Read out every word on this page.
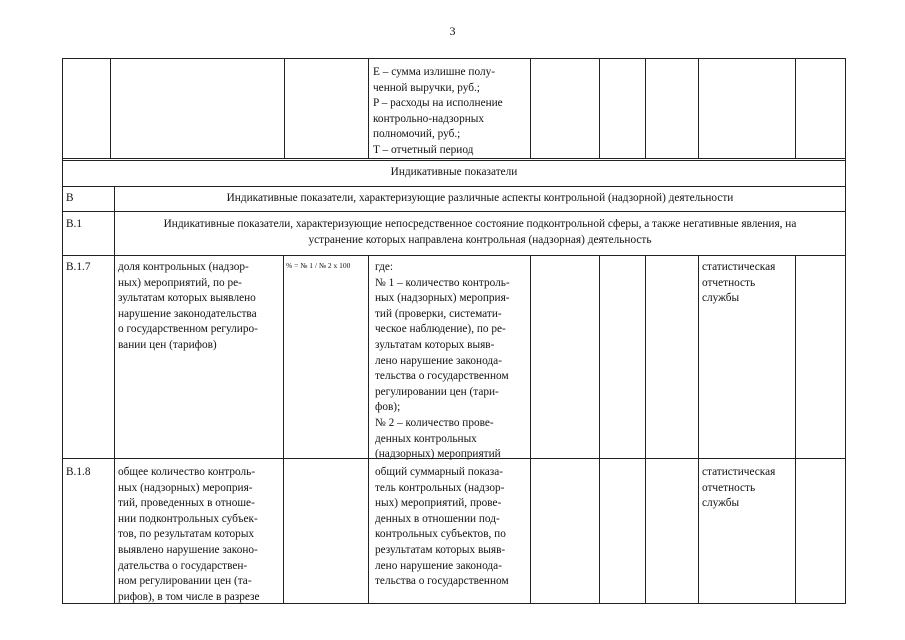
3
E – сумма излишне полу-
ченной выручки, руб.;
P – расходы на исполнение
контрольно-надзорных
полномочий, руб.;
T – отчетный период
Индикативные показатели
В	Индикативные показатели, характеризующие различные аспекты контрольной (надзорной) деятельности
В.1	Индикативные показатели, характеризующие непосредственное состояние подконтрольной сферы, а также негативные явления, на
устранение которых направлена контрольная (надзорная) деятельность
В.1.7 доля контрольных (надзор-
ных) мероприятий, по ре-
зультатам которых выявлено
нарушение законодательства
о государственном регулиро-
вании цен (тарифов)
% = № 1 / № 2 х 100 где:
№ 1 – количество контроль-
ных (надзорных) мероприя-
тий (проверки, системати-
ческое наблюдение), по ре-
зультатам которых выяв-
лено нарушение законода-
тельства о государственном
регулировании цен (тари-
фов);
№ 2 – количество прове-
денных контрольных
(надзорных) мероприятий
статистическая
отчетность
службы
В.1.8 общее количество контроль-
ных (надзорных) мероприя-
тий, проведенных в отноше-
нии подконтрольных субъек-
тов, по результатам которых
выявлено нарушение законо-
дательства о государствен-
ном регулировании цен (та-
рифов), в том числе в разрезе
общий суммарный показа-
тель контрольных (надзор-
ных) мероприятий, прове-
денных в отношении под-
контрольных субъектов, по
результатам которых выяв-
лено нарушение законода-
тельства о государственном
статистическая
отчетность
службы
